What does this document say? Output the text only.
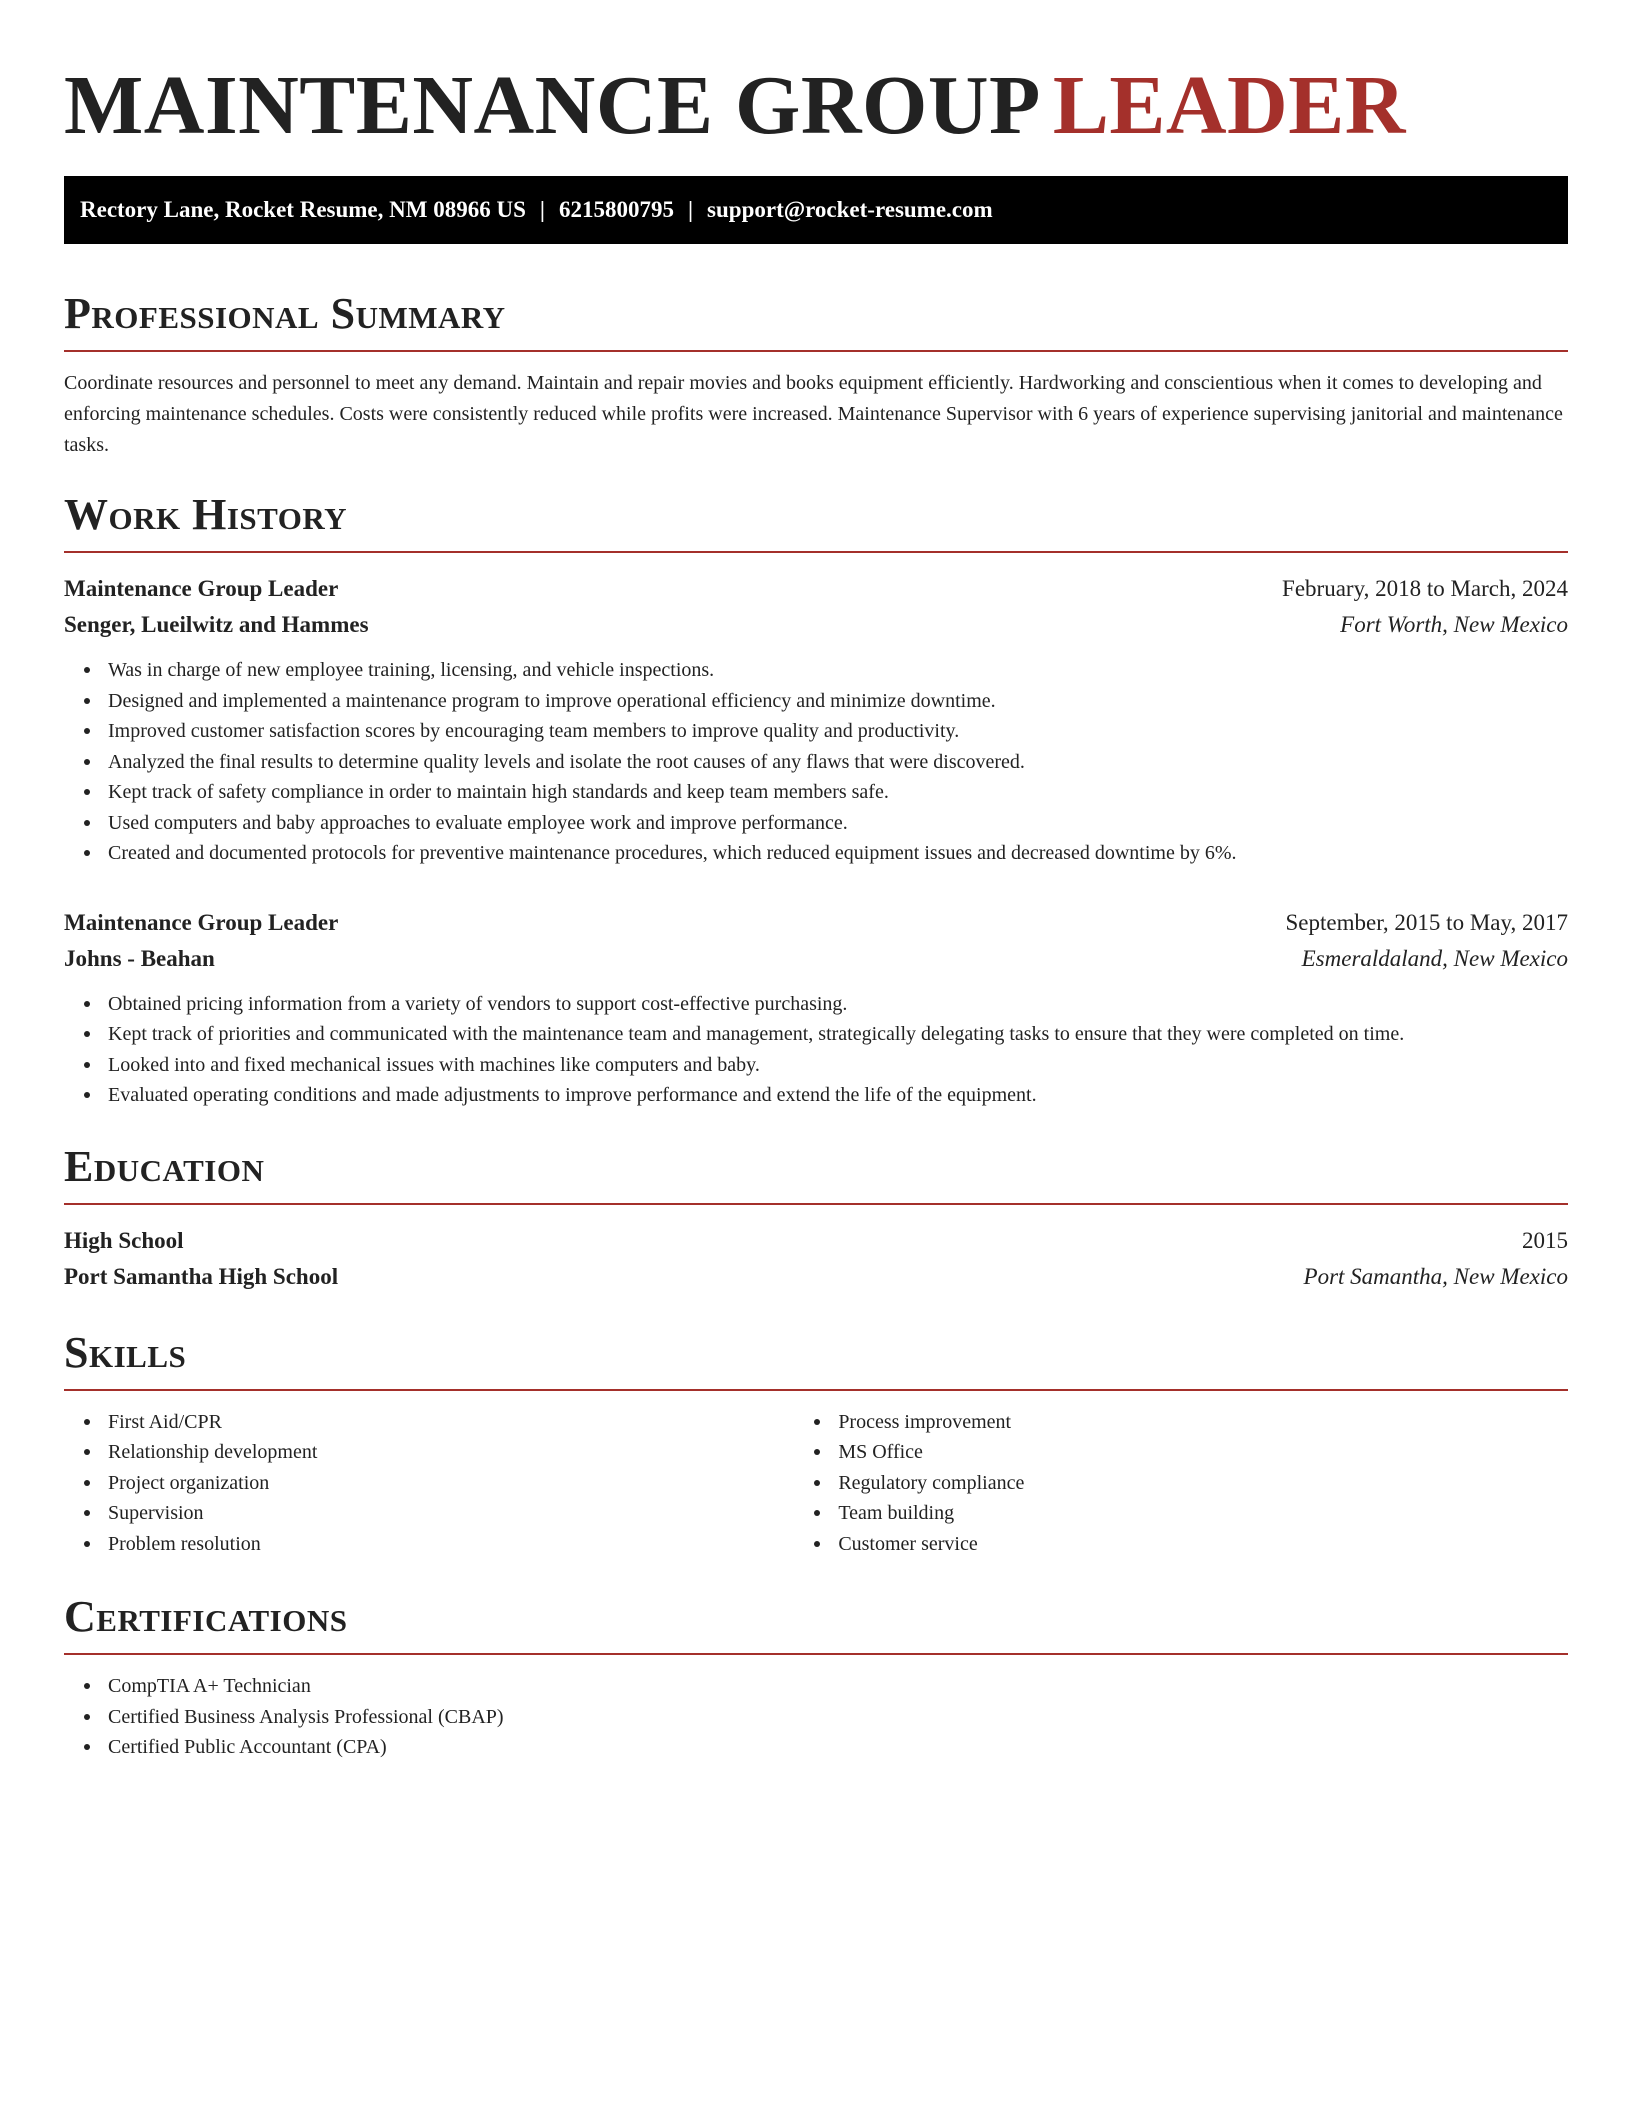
MAINTENANCE GROUP LEADER
Rectory Lane, Rocket Resume, NM 08966 US | 6215800795 | support@rocket-resume.com
Professional Summary

Coordinate resources and personnel to meet any demand. Maintain and repair movies and books equipment efficiently. Hardworking and conscientious when it comes to developing and enforcing maintenance schedules. Costs were consistently reduced while profits were increased. Maintenance Supervisor with 6 years of experience supervising janitorial and maintenance tasks.

Work History
Maintenance Group Leader	February, 2018 to March, 2024
Senger, Lueilwitz and Hammes	Fort Worth, New Mexico
Was in charge of new employee training, licensing, and vehicle inspections.
Designed and implemented a maintenance program to improve operational efficiency and minimize downtime.
Improved customer satisfaction scores by encouraging team members to improve quality and productivity.
Analyzed the final results to determine quality levels and isolate the root causes of any flaws that were discovered.
Kept track of safety compliance in order to maintain high standards and keep team members safe.
Used computers and baby approaches to evaluate employee work and improve performance.
Created and documented protocols for preventive maintenance procedures, which reduced equipment issues and decreased downtime by 6%.
Maintenance Group Leader	September, 2015 to May, 2017
Johns - Beahan	Esmeraldaland, New Mexico
Obtained pricing information from a variety of vendors to support cost-effective purchasing.
Kept track of priorities and communicated with the maintenance team and management, strategically delegating tasks to ensure that they were completed on time.
Looked into and fixed mechanical issues with machines like computers and baby.
Evaluated operating conditions and made adjustments to improve performance and extend the life of the equipment.
Education
High School	2015
Port Samantha High School	Port Samantha, New Mexico
Skills
First Aid/CPR
Relationship development
Project organization
Supervision
Problem resolution
Process improvement
MS Office
Regulatory compliance
Team building
Customer service
Certifications
CompTIA A+ Technician
Certified Business Analysis Professional (CBAP)
Certified Public Accountant (CPA)
